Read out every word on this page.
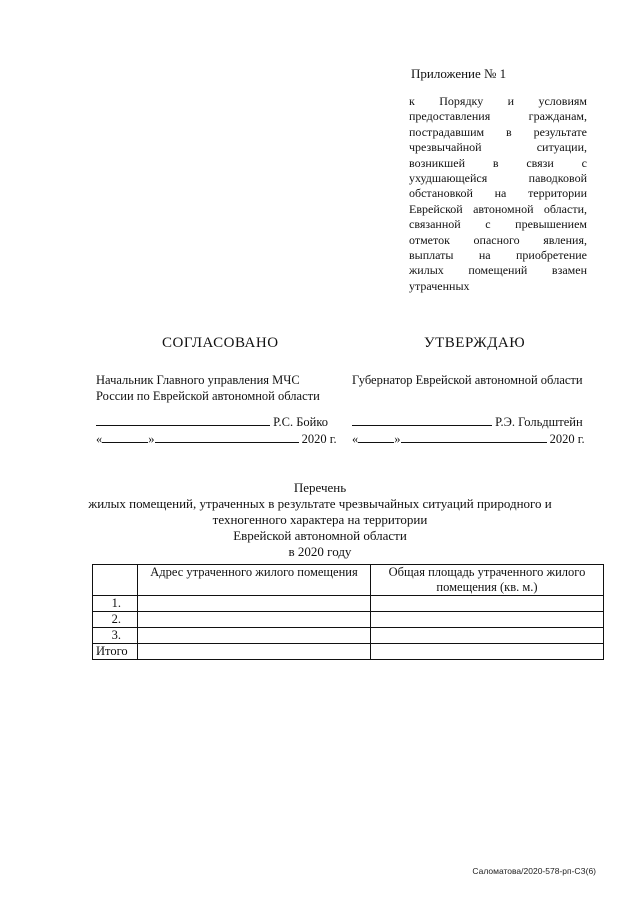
Приложение № 1
к Порядку и условиям
предоставления гражданам,
пострадавшим в результате
чрезвычайной ситуации,
возникшей в связи с
ухудшающейся паводковой
обстановкой на территории
Еврейской автономной области,
связанной с превышением
отметок опасного явления,
выплаты на приобретение
жилых помещений взамен
утраченных
СОГЛАСОВАНО
Начальник Главного управления МЧС
России по Еврейской автономной области
Р.С. Бойко
«	»	2020 г.
УТВЕРЖДАЮ
Губернатор Еврейской автономной области
Р.Э. Гольдштейн
«	»	2020 г.
Перечень
жилых помещений, утраченных в результате чрезвычайных ситуаций природного и
техногенного характера на территории
Еврейской автономной области
в 2020 году
	Адрес утраченного жилого помещения	Общая площадь утраченного жилого помещения (кв. м.)
1.		
2.		
3.		
Итого		
Саломатова/2020-578-рп-СЗ(6)
